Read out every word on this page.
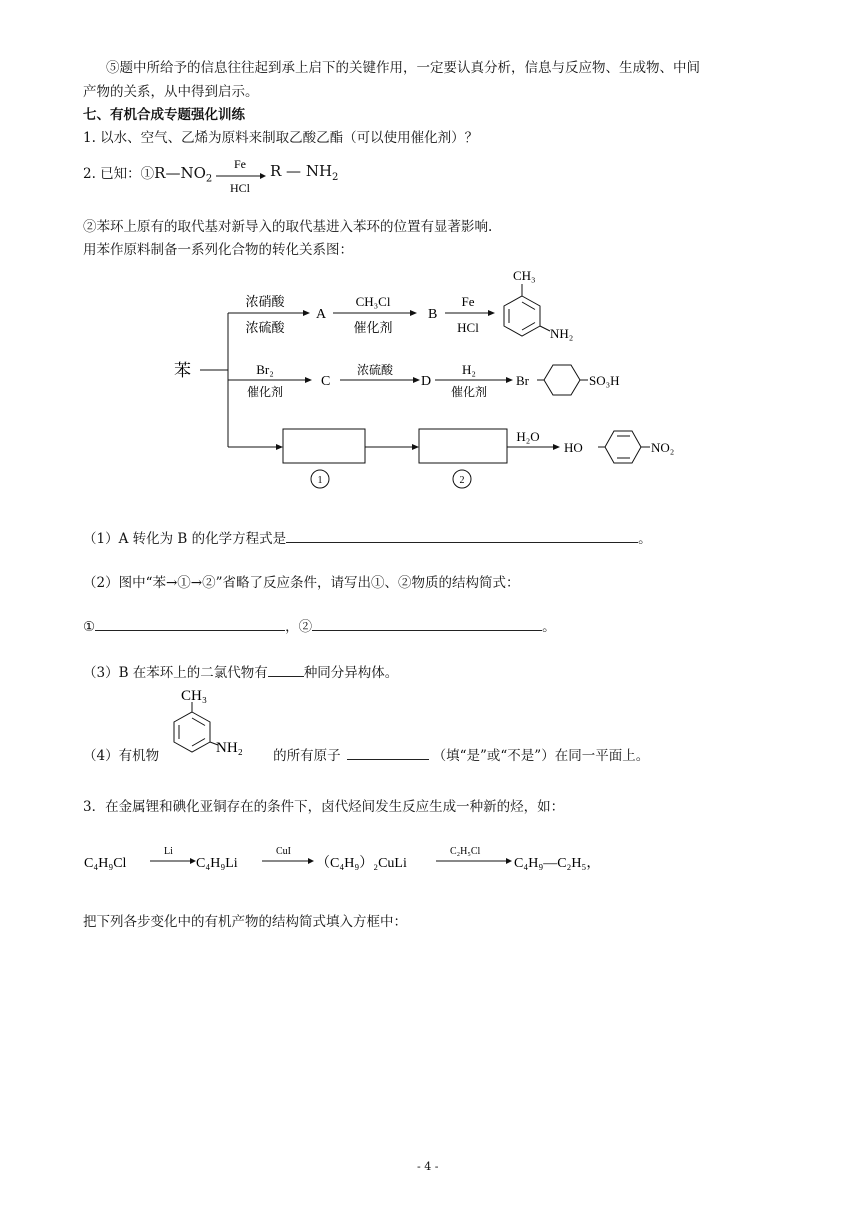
⑤题中所给予的信息往往起到承上启下的关键作用，一定要认真分析，信息与反应物、生成物、中间
产物的关系，从中得到启示。
七、有机合成专题强化训练
1. 以水、空气、乙烯为原料来制取乙酸乙酯（可以使用催化剂）？
2. 已知：$①R—NO_2$
Fe
HCl
R — $NH_2$
②苯环上原有的取代基对新导入的取代基进入苯环的位置有显著影响.
用苯作原料制备一系列化合物的转化关系图：
苯
浓硝酸
浓硫酸
A
CH₃Cl
催化剂
B
Fe
HCl
CH₃
NH₂
Br₂
催化剂
C
浓硫酸
D
H₂
催化剂
Br	SO₃H
1	2
H₂O
HO	NO₂
（1）A 转化为 B 的化学方程式是	。
（2）图中“苯→①→②”省略了反应条件，请写出①、②物质的结构简式：
①	，②	。
（3）B 在苯环上的二氯代物有	种同分异构体。
（4）有机物	的所有原子	（填“是”或“不是”）在同一平面上。
CH₃
NH₂
3．在金属锂和碘化亚铜存在的条件下，卤代烃间发生反应生成一种新的烃，如：
C₄H₉Cl
Li
C₄H₉Li
CuI
（C₄H₉）₂CuLi
C₂H₅Cl
C₄H₉—C₂H₅，
把下列各步变化中的有机产物的结构简式填入方框中：
- 4 -
